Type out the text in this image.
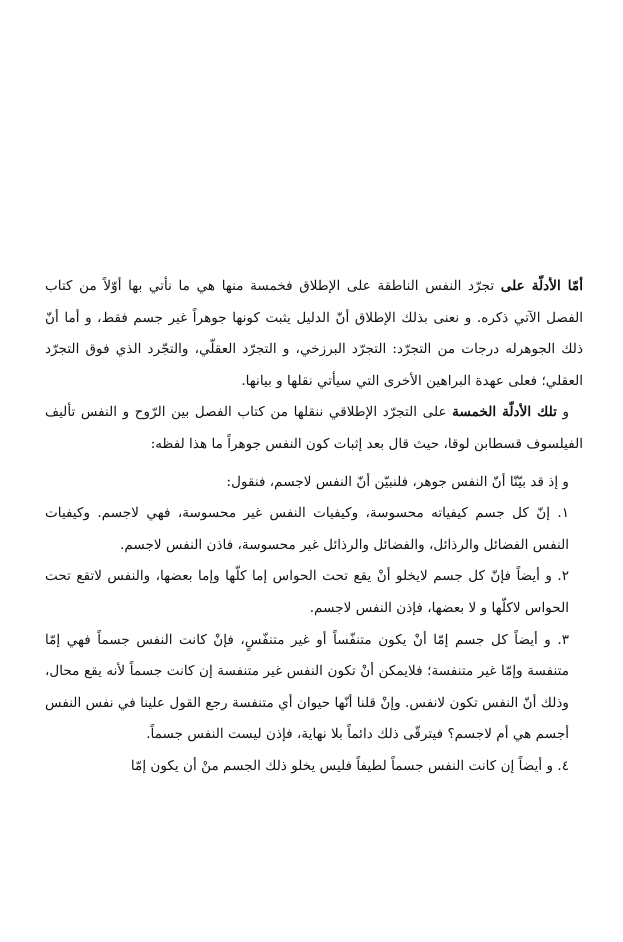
أمّا الأدلّة على تجرّد النفس الناطقة على الإطلاق فخمسة منها هي ما نأتي بها أوّلاً من كتاب الفصل الآتي ذكره. و نعنى بذلك الإطلاق أنّ الدليل يثبت كونها جوهراً غير جسم فقط، و أما أنّ ذلك الجوهرله درجات من التجرّد: التجرّد البرزخي، و التجرّد العقلّي، والتجّرد الذي فوق التجرّد العقلي؛ فعلى عهدة البراهين الأخرى التي سيأتي نقلها و بيانها.

و تلك الأدلّة الخمسة على التجرّد الإطلاقي ننقلها من كتاب الفصل بين الرّوح و النفس تأليف الفيلسوف قسطابن لوقا، حيث قال بعد إثبات كون النفس جوهراً ما هذا لفظه:

و إذ قد بيّنّا أنّ النفس جوهر، فلنبيّن أنّ النفس لاجسم، فنقول:

١. إنّ كل جسم كيفياته محسوسة، وكيفيات النفس غير محسوسة، فهي لاجسم. وكيفيات النفس الفضائل والرذائل، والفضائل والرذائل غير محسوسة، فاذن النفس لاجسم.

٢. و أيضاً فإنّ كل جسم لايخلو أنْ يقع تحت الحواس إما كلّها وإما بعضها، والنفس لاتقع تحت الحواس لاكلّها و لا بعضها، فإذن النفس لاجسم.

٣. و أيضاً كل جسم إمّا أنْ يكون متنفّساً أو غير متنفّسٍ، فإنْ كانت النفس جسماً فهي إمّا متنفسة وإمّا غير متنفسة؛ فلايمكن أنْ تكون النفس غير متنفسة إن كانت جسماً لأنه يقع محال، وذلك أنّ النفس تكون لانفس. وإنْ قلنا أنّها حيوان أي متنفسة رجع القول علينا في نفس النفس أجسم هي أم لاجسم؟ فيترقّى ذلك دائماً بلا نهاية، فإذن ليست النفس جسماً.

٤. و أيضاً إن كانت النفس جسماً لطيفاً فليس يخلو ذلك الجسم منْ أن يكون إمّا
